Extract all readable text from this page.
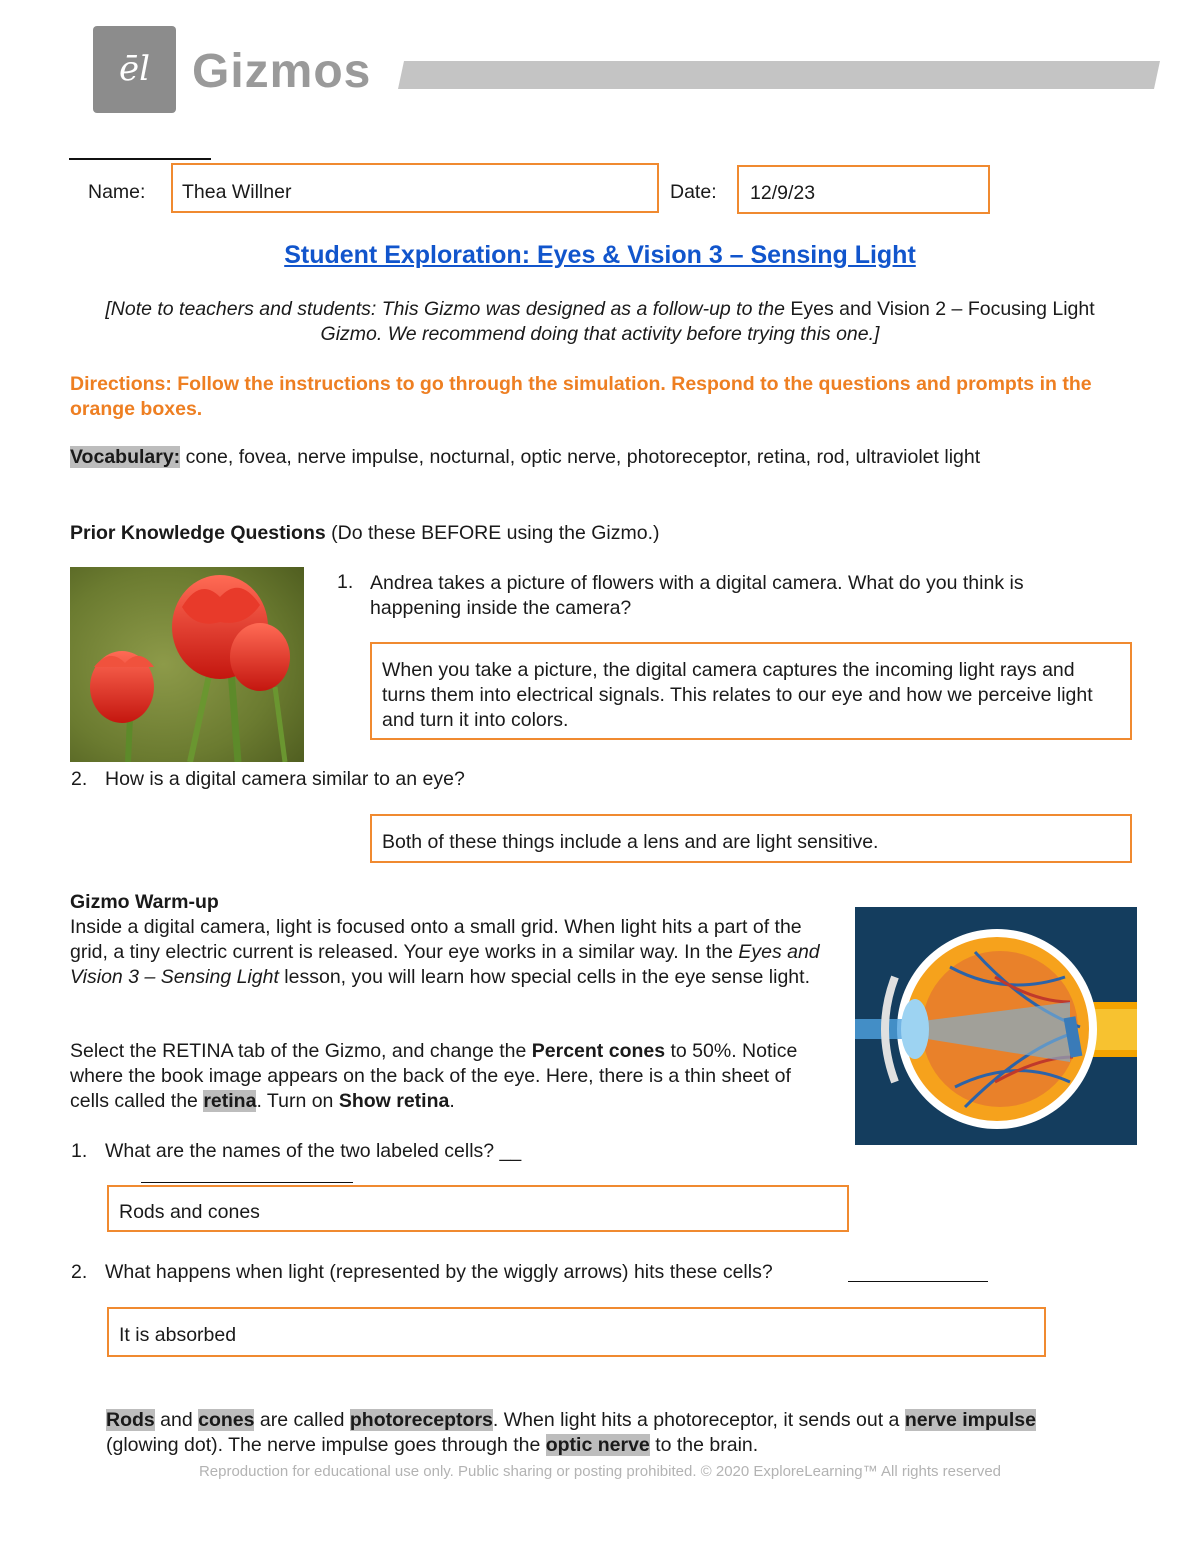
ēl Gizmos
Name:	Thea Willner	Date:	12/9/23
Student Exploration: Eyes & Vision 3 – Sensing Light
[Note to teachers and students: This Gizmo was designed as a follow-up to the Eyes and Vision 2 – Focusing Light Gizmo. We recommend doing that activity before trying this one.]
Directions: Follow the instructions to go through the simulation. Respond to the questions and prompts in the orange boxes.
Vocabulary: cone, fovea, nerve impulse, nocturnal, optic nerve, photoreceptor, retina, rod, ultraviolet light
Prior Knowledge Questions (Do these BEFORE using the Gizmo.)
1. Andrea takes a picture of flowers with a digital camera. What do you think is happening inside the camera?
When you take a picture, the digital camera captures the incoming light rays and turns them into electrical signals. This relates to our eye and how we perceive light and turn it into colors.
2. How is a digital camera similar to an eye?
Both of these things include a lens and are light sensitive.
Gizmo Warm-up
Inside a digital camera, light is focused onto a small grid. When light hits a part of the grid, a tiny electric current is released. Your eye works in a similar way. In the Eyes and Vision 3 – Sensing Light lesson, you will learn how special cells in the eye sense light.
Select the RETINA tab of the Gizmo, and change the Percent cones to 50%. Notice where the book image appears on the back of the eye. Here, there is a thin sheet of cells called the retina. Turn on Show retina.
1. What are the names of the two labeled cells? __
Rods and cones
2. What happens when light (represented by the wiggly arrows) hits these cells?
It is absorbed
Rods and cones are called photoreceptors. When light hits a photoreceptor, it sends out a nerve impulse (glowing dot). The nerve impulse goes through the optic nerve to the brain.
Reproduction for educational use only. Public sharing or posting prohibited. © 2020 ExploreLearning™ All rights reserved
